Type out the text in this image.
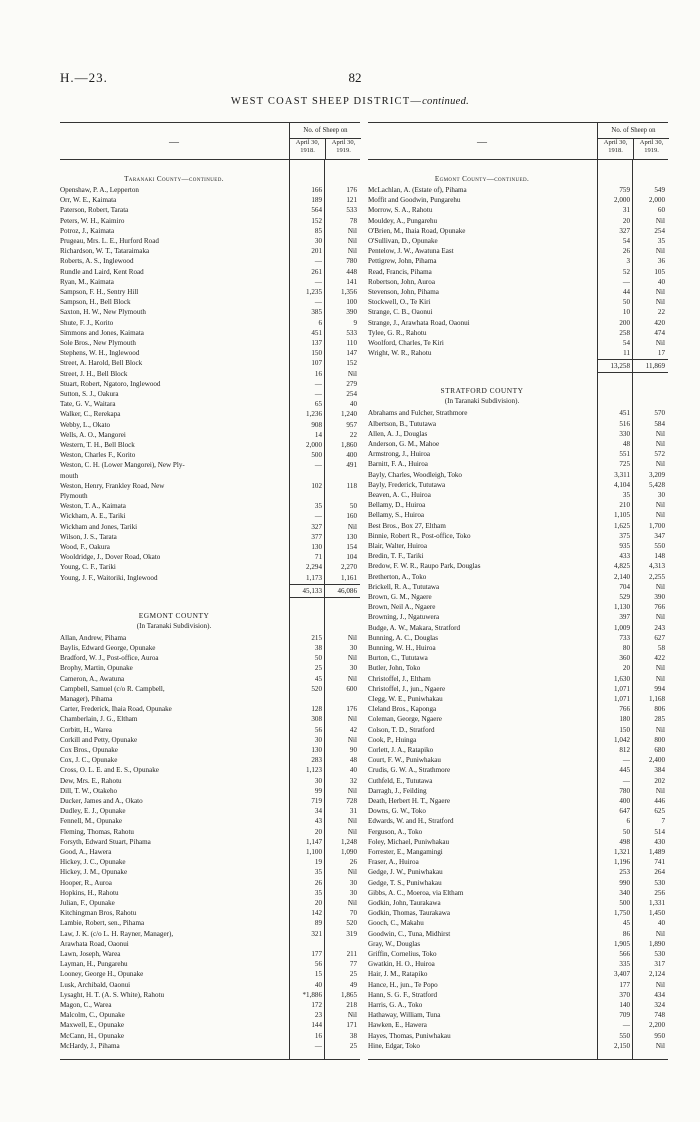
H.—23.	82
WEST COAST SHEEP DISTRICT—continued.
—
No. of Sheep on
April 30, 1918.
April 30, 1919.
Taranaki County—continued.
Openshaw, P. A., Lepperton	166	176
Orr, W. E., Kaimata	189	121
Paterson, Robert, Tarata	564	533
Peters, W. H., Kaimiro	152	78
Potroz, J., Kaimata	85	Nil
Prugeau, Mrs. L. E., Hurford Road	30	Nil
Richardson, W. T., Tataraimaka	201	Nil
Roberts, A. S., Inglewood	—	780
Rundle and Laird, Kent Road	261	448
Ryan, M., Kaimata	—	141
Sampson, F. H., Sentry Hill	1,235	1,356
Sampson, H., Bell Block	—	100
Saxton, H. W., New Plymouth	385	390
Shute, F. J., Korito	6	9
Simmons and Jones, Kaimata	451	533
Sole Bros., New Plymouth	137	110
Stephens, W. H., Inglewood	150	147
Street, A. Harold, Bell Block	107	152
Street, J. H., Bell Block	16	Nil
Stuart, Robert, Ngatoro, Inglewood	—	279
Sutton, S. J., Oakura	—	254
Tate, G. V., Waitara	65	40
Walker, C., Rerekapa	1,236	1,240
Webby, L., Okato	908	957
Wells, A. O., Mangorei	14	22
Western, T. H., Bell Block	2,000	1,860
Weston, Charles F., Korito	500	400
Weston, C. H. (Lower Mangorei), New Ply-	—	491
mouth
Weston, Henry, Frankley Road, New	102	118
Plymouth
Weston, T. A., Kaimata	35	50
Wickham, A. E., Tariki	—	160
Wickham and Jones, Tariki	327	Nil
Wilson, J. S., Tarata	377	130
Wood, F., Oakura	130	154
Wooldridge, J., Dover Road, Okato	71	104
Young, C. F., Tariki	2,294	2,270
Young, J. F., Waitoriki, Inglewood	1,173	1,161
45,133	46,086
EGMONT COUNTY
(In Taranaki Subdivision).
Allan, Andrew, Pihama	215	Nil
Baylis, Edward George, Opunake	38	30
Bradford, W. J., Post-office, Auroa	50	Nil
Brophy, Martin, Opunake	25	30
Cameron, A., Awatuna	45	Nil
Campbell, Samuel (c/o R. Campbell,	520	600
Manager), Pihama
Carter, Frederick, Ihaia Road, Opunake	128	176
Chamberlain, J. G., Eltham	308	Nil
Corbitt, H., Warea	56	42
Corkill and Petty, Opunake	30	Nil
Cox Bros., Opunake	130	90
Cox, J. C., Opunake	283	48
Cross, O. L. E. and E. S., Opunake	1,123	40
Dew, Mrs. E., Rahotu	30	32
Dill, T. W., Otakeho	99	Nil
Ducker, James and A., Okato	719	728
Dudley, E. J., Opunake	34	31
Fennell, M., Opunake	43	Nil
Fleming, Thomas, Rahotu	20	Nil
Forsyth, Edward Stuart, Pihama	1,147	1,248
Good, A., Hawera	1,100	1,090
Hickey, J. C., Opunake	19	26
Hickey, J. M., Opunake	35	Nil
Hooper, R., Auroa	26	30
Hopkins, H., Rahotu	35	30
Julian, F., Opunake	20	Nil
Kitchingman Bros, Rahotu	142	70
Lambie, Robert, sen., Pihama	89	520
Law, J. K. (c/o L. H. Rayner, Manager),	321	319
Arawhata Road, Oaonui
Lawn, Joseph, Warea	177	211
Layman, H., Pungarehu	56	77
Looney, George H., Opunake	15	25
Lusk, Archibald, Oaonui	40	49
Lysaght, H. T. (A. S. White), Rahotu	*1,886	1,865
Magon, C., Warea	172	218
Malcolm, C., Opunake	23	Nil
Maxwell, E., Opunake	144	171
McCann, H., Opunake	16	38
McHardy, J., Pihama	—	25
—
No. of Sheep on
April 30, 1918.
April 30, 1919.
Egmont County—continued.
McLachlan, A. (Estate of), Pihama	759	549
Moffit and Goodwin, Pungarehu	2,000	2,000
Morrow, S. A., Rahotu	31	60
Mouldey, A., Pungarehu	20	Nil
O'Brien, M., Ihaia Road, Opunake	327	254
O'Sullivan, D., Opunake	54	35
Pentelow, J. W., Awatuna East	26	Nil
Pettigrew, John, Pihama	3	36
Read, Francis, Pihama	52	105
Robertson, John, Auroa	—	40
Stevenson, John, Pihama	44	Nil
Stockwell, O., Te Kiri	50	Nil
Strange, C. B., Oaonui	10	22
Strange, J., Arawhata Road, Oaonui	200	420
Tylee, G. R., Rahotu	258	474
Woolford, Charles, Te Kiri	54	Nil
Wright, W. R., Rahotu	11	17
13,258	11,869
STRATFORD COUNTY
(In Taranaki Subdivision).
Abrahams and Fulcher, Strathmore	451	570
Albertson, B., Tututawa	516	584
Allen, A. J., Douglas	330	Nil
Anderson, G. M., Mahoe	48	Nil
Armstrong, J., Huiroa	551	572
Barnitt, F. A., Huiroa	725	Nil
Bayly, Charles, Woodleigh, Toko	3,311	3,209
Bayly, Frederick, Tututawa	4,104	5,428
Beaven, A. C., Huiroa	35	30
Bellamy, D., Huiroa	210	Nil
Bellamy, S., Huiroa	1,105	Nil
Best Bros., Box 27, Eltham	1,625	1,700
Binnie, Robert R., Post-office, Toko	375	347
Blair, Walter, Huiroa	935	550
Bredin, T. F., Tariki	433	148
Bredow, F. W. R., Raupo Park, Douglas	4,825	4,313
Bretherton, A., Toko	2,140	2,255
Brickell, R. A., Tututawa	704	Nil
Brown, G. M., Ngaere	529	390
Brown, Neil A., Ngaere	1,130	766
Browning, J., Ngatuwera	397	Nil
Budge, A. W., Makara, Stratford	1,009	243
Bunning, A. C., Douglas	733	627
Bunning, W. H., Huiroa	80	58
Burton, C., Tututawa	360	422
Butler, John, Toko	20	Nil
Christoffel, J., Eltham	1,630	Nil
Christoffel, J., jun., Ngaere	1,071	994
Clegg, W. E., Puniwhakau	1,071	1,168
Cleland Bros., Kaponga	766	806
Coleman, George, Ngaere	180	285
Colson, T. D., Stratford	150	Nil
Cook, P., Huinga	1,042	800
Corlett, J. A., Ratapiko	812	680
Court, F. W., Puniwhakau	—	2,400
Crudis, G. W. A., Strathmore	445	384
Cuthfeld, E., Tututawa	—	202
Darragh, J., Feilding	780	Nil
Death, Herbert H. T., Ngaere	400	446
Downs, G. W., Toko	647	625
Edwards, W. and H., Stratford	6	7
Ferguson, A., Toko	50	514
Foley, Michael, Puniwhakau	498	430
Forrester, E., Mangamingi	1,321	1,489
Fraser, A., Huiroa	1,196	741
Gedge, J. W., Puniwhakau	253	264
Gedge, T. S., Puniwhakau	990	530
Gibbs, A. C., Moeroa, via Eltham	340	256
Godkin, John, Taurakawa	500	1,331
Godkin, Thomas, Taurakawa	1,750	1,450
Gooch, C., Makahu	45	40
Goodwin, C., Tuna, Midhirst	86	Nil
Gray, W., Douglas	1,905	1,890
Griffin, Cornelius, Toko	566	530
Gwatkin, H. O., Huiroa	335	317
Hair, J. M., Ratapiko	3,407	2,124
Hance, H., jun., Te Popo	177	Nil
Hann, S. G. F., Stratford	370	434
Harris, G. A., Toko	140	324
Hathaway, William, Tuna	709	748
Hawken, E., Hawera	—	2,200
Hayes, Thomas, Puniwhakau	550	950
Hine, Edgar, Toko	2,150	Nil
